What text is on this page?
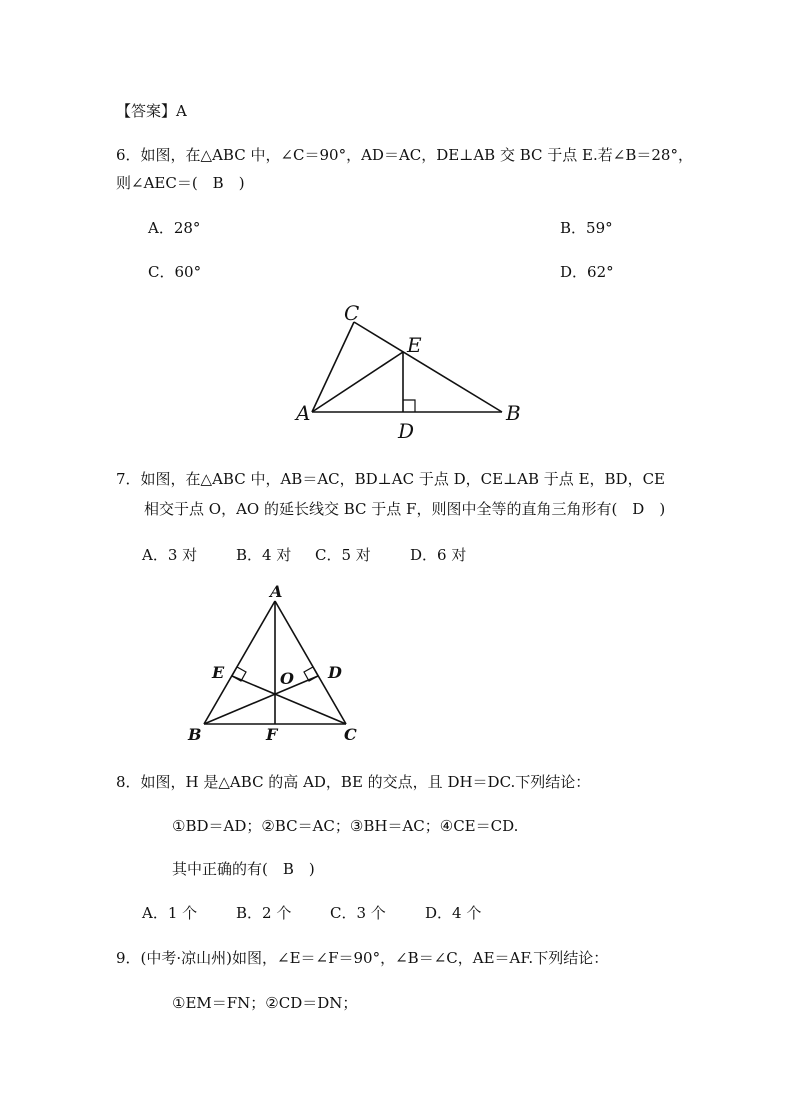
【答案】A
6．如图，在△ABC 中，∠C＝90°，AD＝AC，DE⊥AB 交 BC 于点 E.若∠B＝28°，
则∠AEC＝(　B　)
A．28°	B．59°
C．60°	D．62°
C
E
A	B
D
7．如图，在△ABC 中，AB＝AC，BD⊥AC 于点 D，CE⊥AB 于点 E，BD，CE
相交于点 O，AO 的延长线交 BC 于点 F，则图中全等的直角三角形有(　D　)
A．3 对	B．4 对 C．5 对	D．6 对
A
E	O D
B	F	C
8．如图，H 是△ABC 的高 AD，BE 的交点，且 DH＝DC.下列结论：
①BD＝AD；②BC＝AC；③BH＝AC；④CE＝CD.
其中正确的有(　B　)
A．1 个	B．2 个	C．3 个	D．4 个
9．(中考·凉山州)如图，∠E＝∠F＝90°，∠B＝∠C，AE＝AF.下列结论：
①EM＝FN；②CD＝DN；
